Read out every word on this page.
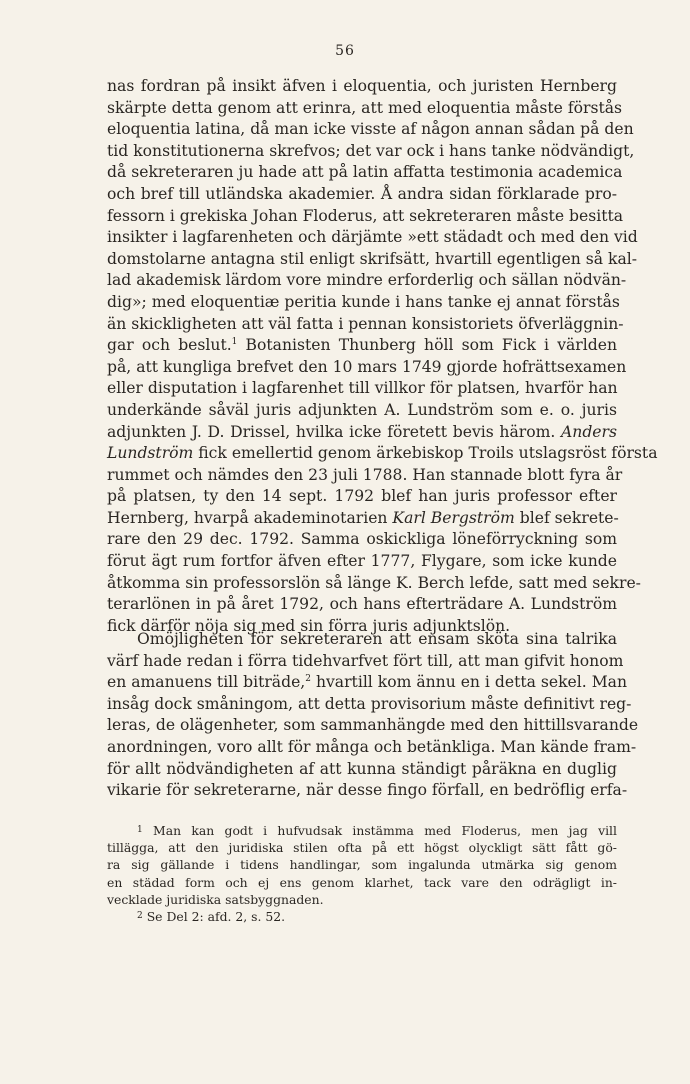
56
nas fordran på insikt äfven i eloquentia, och juristen Hernberg
skärpte detta genom att erinra, att med eloquentia måste förstås
eloquentia latina, då man icke visste af någon annan sådan på den
tid konstitutionerna skrefvos; det var ock i hans tanke nödvändigt,
då sekreteraren ju hade att på latin affatta testimonia academica
och bref till utländska akademier. Å andra sidan förklarade pro-
fessorn i grekiska Johan Floderus, att sekreteraren måste besitta
insikter i lagfarenheten och därjämte »ett städadt och med den vid
domstolarne antagna stil enligt skrifsätt, hvartill egentligen så kal-
lad akademisk lärdom vore mindre erforderlig och sällan nödvän-
dig»; med eloquentiæ peritia kunde i hans tanke ej annat förstås
än skickligheten att väl fatta i pennan konsistoriets öfverläggnin-
gar och beslut.$^1$ Botanisten Thunberg höll som Fick i världen
på, att kungliga brefvet den 10 mars 1749 gjorde hofrättsexamen
eller disputation i lagfarenhet till villkor för platsen, hvarför han
underkände såväl juris adjunkten A. Lundström som e. o. juris
adjunkten J. D. Drissel, hvilka icke företett bevis härom. Anders
Lundström fick emellertid genom ärkebiskop Troils utslagsröst första
rummet och nämdes den 23 juli 1788. Han stannade blott fyra år
på platsen, ty den 14 sept. 1792 blef han juris professor efter
Hernberg, hvarpå akademinotarien Karl Bergström blef sekrete-
rare den 29 dec. 1792. Samma oskickliga löneförryckning som
förut ägt rum fortfor äfven efter 1777, Flygare, som icke kunde
åtkomma sin professorslön så länge K. Berch lefde, satt med sekre-
terarlönen in på året 1792, och hans efterträdare A. Lundström
fick därför nöja sig med sin förra juris adjunktslön.
Omöjligheten för sekreteraren att ensam sköta sina talrika
värf hade redan i förra tidehvarfvet fört till, att man gifvit honom
en amanuens till biträde,$^2$ hvartill kom ännu en i detta sekel. Man
insåg dock småningom, att detta provisorium måste definitivt reg-
leras, de olägenheter, som sammanhängde med den hittillsvarande
anordningen, voro allt för många och betänkliga. Man kände fram-
för allt nödvändigheten af att kunna ständigt påräkna en duglig
vikarie för sekreterarne, när desse fingo förfall, en bedröflig erfa-
$^1$ Man kan godt i hufvudsak instämma med Floderus, men jag vill
tillägga, att den juridiska stilen ofta på ett högst olyckligt sätt fått gö-
ra sig gällande i tidens handlingar, som ingalunda utmärka sig genom
en städad form och ej ens genom klarhet, tack vare den odrägligt in-
vecklade juridiska satsbyggnaden.
$^2$ Se Del 2: afd. 2, s. 52.
